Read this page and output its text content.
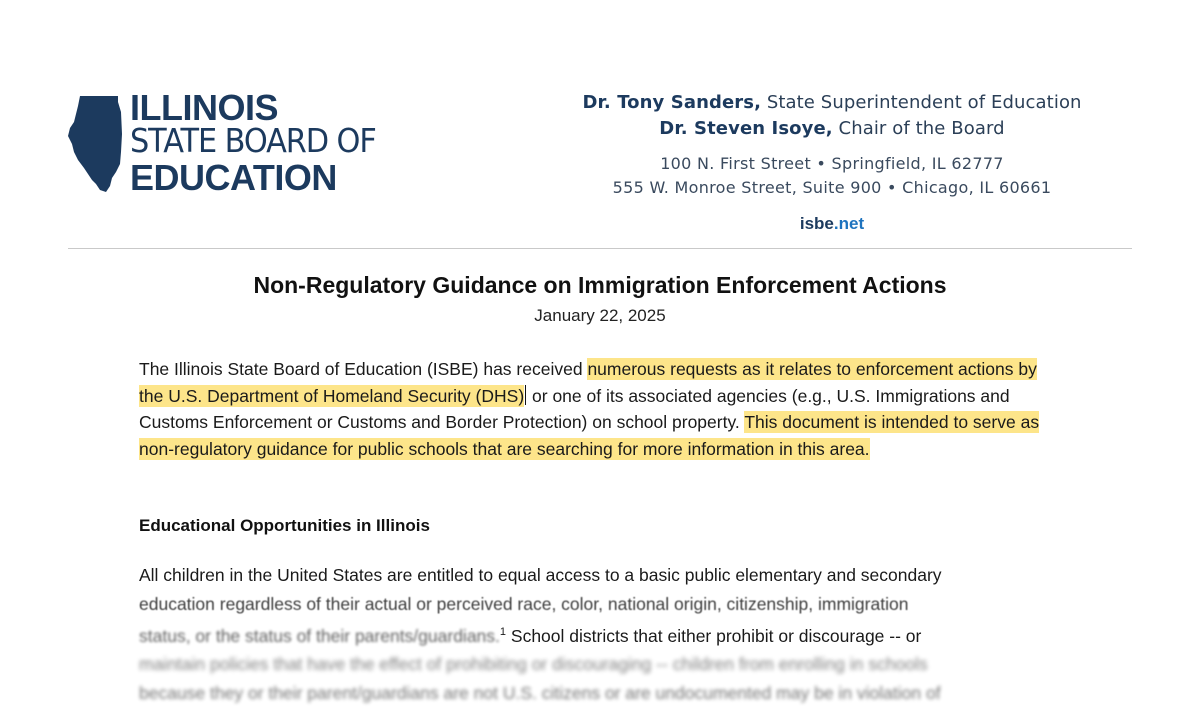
ILLINOIS
STATE BOARD OF
EDUCATION
Dr. Tony Sanders, State Superintendent of Education
Dr. Steven Isoye, Chair of the Board
100 N. First Street • Springfield, IL 62777
555 W. Monroe Street, Suite 900 • Chicago, IL 60661
isbe.net
Non-Regulatory Guidance on Immigration Enforcement Actions
January 22, 2025
The Illinois State Board of Education (ISBE) has received numerous requests as it relates to enforcement actions by the U.S. Department of Homeland Security (DHS) or one of its associated agencies (e.g., U.S. Immigrations and Customs Enforcement or Customs and Border Protection) on school property. This document is intended to serve as non-regulatory guidance for public schools that are searching for more information in this area.
Educational Opportunities in Illinois
All children in the United States are entitled to equal access to a basic public elementary and secondary
education regardless of their actual or perceived race, color, national origin, citizenship, immigration
status, or the status of their parents/guardians.$^1$ School districts that either prohibit or discourage -- or
maintain policies that have the effect of prohibiting or discouraging -- children from enrolling in schools
because they or their parent/guardians are not U.S. citizens or are undocumented may be in violation of
